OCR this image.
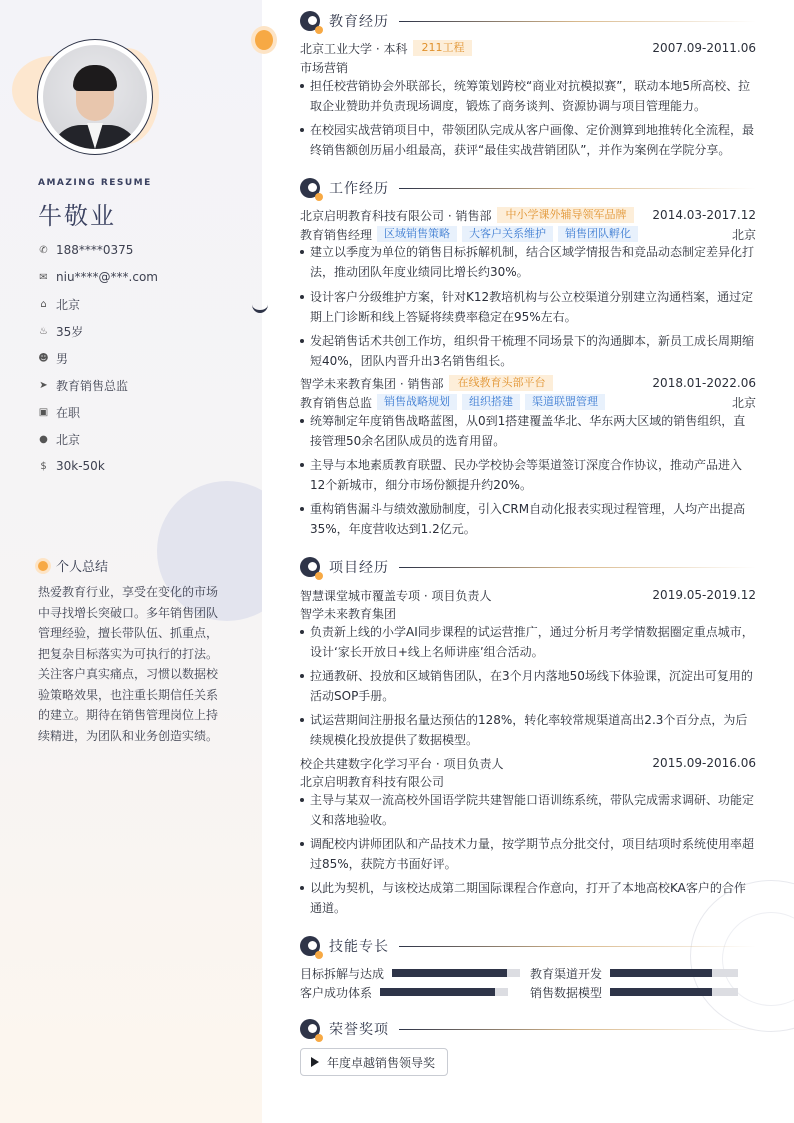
AMAZING RESUME
牛敬业
✆ 188****0375
✉ niu****@***.com
⌂ 北京
♨ 35岁
☻ 男
➤ 教育销售总监
▣ 在职
● 北京
$ 30k-50k
个人总结
热爱教育行业，享受在变化的市场中寻找增长突破口。多年销售团队管理经验，擅长带队伍、抓重点，把复杂目标落实为可执行的打法。关注客户真实痛点，习惯以数据校验策略效果，也注重长期信任关系的建立。期待在销售管理岗位上持续精进，为团队和业务创造实绩。
教育经历
北京工业大学 · 本科	211工程	2007.09-2011.06
市场营销
担任校营销协会外联部长，统筹策划跨校“商业对抗模拟赛”，联动本地5所高校、拉取企业赞助并负责现场调度，锻炼了商务谈判、资源协调与项目管理能力。
在校园实战营销项目中，带领团队完成从客户画像、定价测算到地推转化全流程，最终销售额创历届小组最高，获评“最佳实战营销团队”，并作为案例在学院分享。
工作经历
北京启明教育科技有限公司 · 销售部	中小学课外辅导领军品牌	2014.03-2017.12
教育销售经理	区域销售策略	大客户关系维护	销售团队孵化	北京
建立以季度为单位的销售目标拆解机制，结合区域学情报告和竞品动态制定差异化打法，推动团队年度业绩同比增长约30%。
设计客户分级维护方案，针对K12教培机构与公立校渠道分别建立沟通档案，通过定期上门诊断和线上答疑将续费率稳定在95%左右。
发起销售话术共创工作坊，组织骨干梳理不同场景下的沟通脚本，新员工成长周期缩短40%，团队内晋升出3名销售组长。
智学未来教育集团 · 销售部	在线教育头部平台	2018.01-2022.06
教育销售总监	销售战略规划	组织搭建	渠道联盟管理	北京
统筹制定年度销售战略蓝图，从0到1搭建覆盖华北、华东两大区域的销售组织，直接管理50余名团队成员的选育用留。
主导与本地素质教育联盟、民办学校协会等渠道签订深度合作协议，推动产品进入12个新城市，细分市场份额提升约20%。
重构销售漏斗与绩效激励制度，引入CRM自动化报表实现过程管理，人均产出提高35%，年度营收达到1.2亿元。
项目经历
智慧课堂城市覆盖专项 · 项目负责人	2019.05-2019.12
智学未来教育集团
负责新上线的小学AI同步课程的试运营推广，通过分析月考学情数据圈定重点城市，设计‘家长开放日+线上名师讲座’组合活动。
拉通教研、投放和区域销售团队，在3个月内落地50场线下体验课，沉淀出可复用的活动SOP手册。
试运营期间注册报名量达预估的128%，转化率较常规渠道高出2.3个百分点，为后续规模化投放提供了数据模型。
校企共建数字化学习平台 · 项目负责人	2015.09-2016.06
北京启明教育科技有限公司
主导与某双一流高校外国语学院共建智能口语训练系统，带队完成需求调研、功能定义和落地验收。
调配校内讲师团队和产品技术力量，按学期节点分批交付，项目结项时系统使用率超过85%，获院方书面好评。
以此为契机，与该校达成第二期国际课程合作意向，打开了本地高校KA客户的合作通道。
技能专长
目标拆解与达成	教育渠道开发
客户成功体系	销售数据模型
荣誉奖项
年度卓越销售领导奖
